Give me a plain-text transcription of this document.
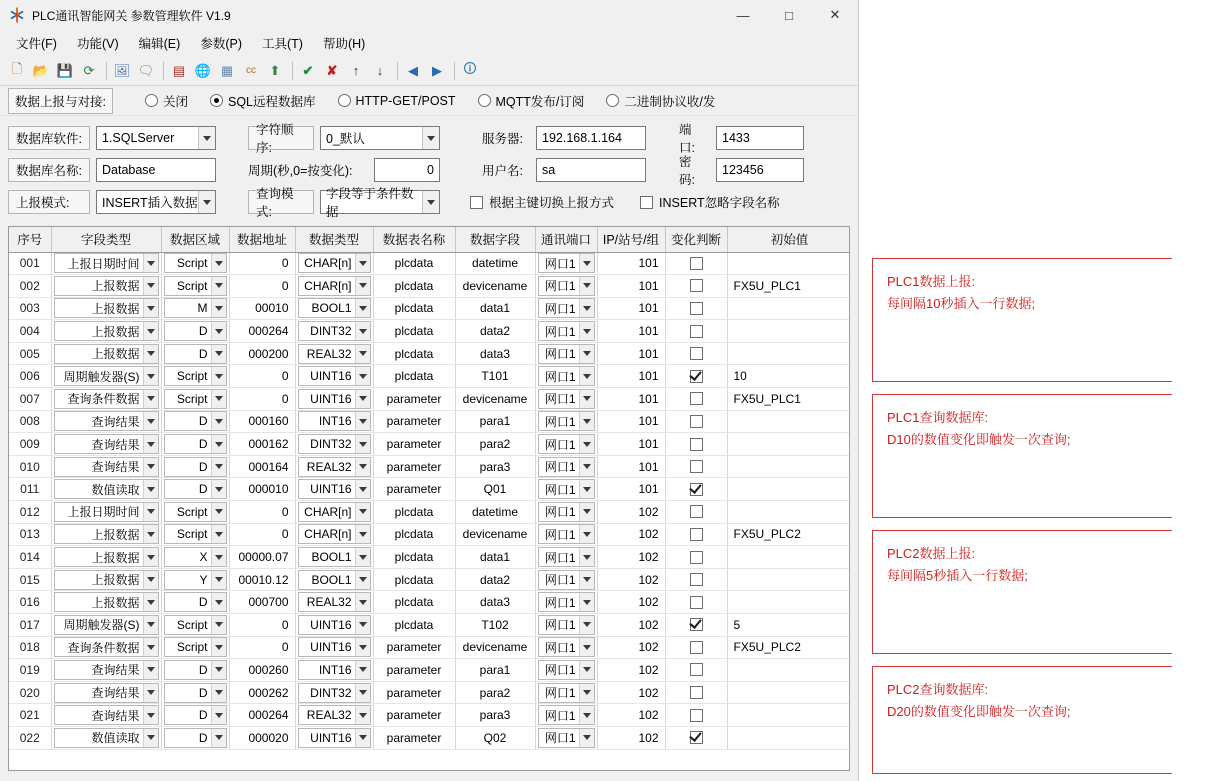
PLC通讯智能网关 参数管理软件 V1.9	—	□	✕
文件(F)	功能(V)	编辑(E)	参数(P)	工具(T)	帮助(H)
🗋 📂 💾 ⟳	🖼 🗨	▤ 🌐 ▦	cc	⬆	✔	✘	↑	↓	◀	▶	🛈
数据上报与对接:	关闭	SQL远程数据库	HTTP-GET/POST	MQTT发布/订阅	二进制协议收/发
数据库软件:	1.SQLServer
字符顺序:
0_默认	服务器:	192.168.1.164
端口:
1433
数据库名称:	Database	周期(秒,0=按变化):	0	用户名:	sa
密码:
123456
上报模式:	INSERT插入数据
查询模式:
字段等于条件数据
根据主键切换上报方式	INSERT忽略字段名称
序号	字段类型	数据区域	数据地址	数据类型	数据表名称	数据字段	通讯端口	IP/站号/组	变化判断	初始值
001	上报日期时间	Script	0	CHAR[n]	plcdata	datetime	网口1	101	

002	上报数据	Script	0	CHAR[n]	plcdata	devicename	网口1	101		FX5U_PLC1
003	上报数据	M	00010	BOOL1	plcdata	data1	网口1	101	

004	上报数据	D	000264	DINT32	plcdata	data2	网口1	101	

005	上报数据	D	000200	REAL32	plcdata	data3	网口1	101	

006	周期触发器(S)	Script	0	UINT16	plcdata	T101	网口1	101		10
007	查询条件数据	Script	0	UINT16	parameter	devicename	网口1	101		FX5U_PLC1
008	查询结果	D	000160	INT16	parameter	para1	网口1	101	

009	查询结果	D	000162	DINT32	parameter	para2	网口1	101	

010	查询结果	D	000164	REAL32	parameter	para3	网口1	101	

011	数值读取	D	000010	UINT16	parameter	Q01	网口1	101	

012	上报日期时间	Script	0	CHAR[n]	plcdata	datetime	网口1	102	

013	上报数据	Script	0	CHAR[n]	plcdata	devicename	网口1	102		FX5U_PLC2
014	上报数据	X	00000.07	BOOL1	plcdata	data1	网口1	102	

015	上报数据	Y	00010.12	BOOL1	plcdata	data2	网口1	102	

016	上报数据	D	000700	REAL32	plcdata	data3	网口1	102	

017	周期触发器(S)	Script	0	UINT16	plcdata	T102	网口1	102		5
018	查询条件数据	Script	0	UINT16	parameter	devicename	网口1	102		FX5U_PLC2
019	查询结果	D	000260	INT16	parameter	para1	网口1	102	

020	查询结果	D	000262	DINT32	parameter	para2	网口1	102	

021	查询结果	D	000264	REAL32	parameter	para3	网口1	102	

022	数值读取	D	000020	UINT16	parameter	Q02	网口1	102	

PLC1数据上报:
每间隔10秒插入一行数据;
PLC1查询数据库:
D10的数值变化即触发一次查询;
PLC2数据上报:
每间隔5秒插入一行数据;
PLC2查询数据库:
D20的数值变化即触发一次查询;
